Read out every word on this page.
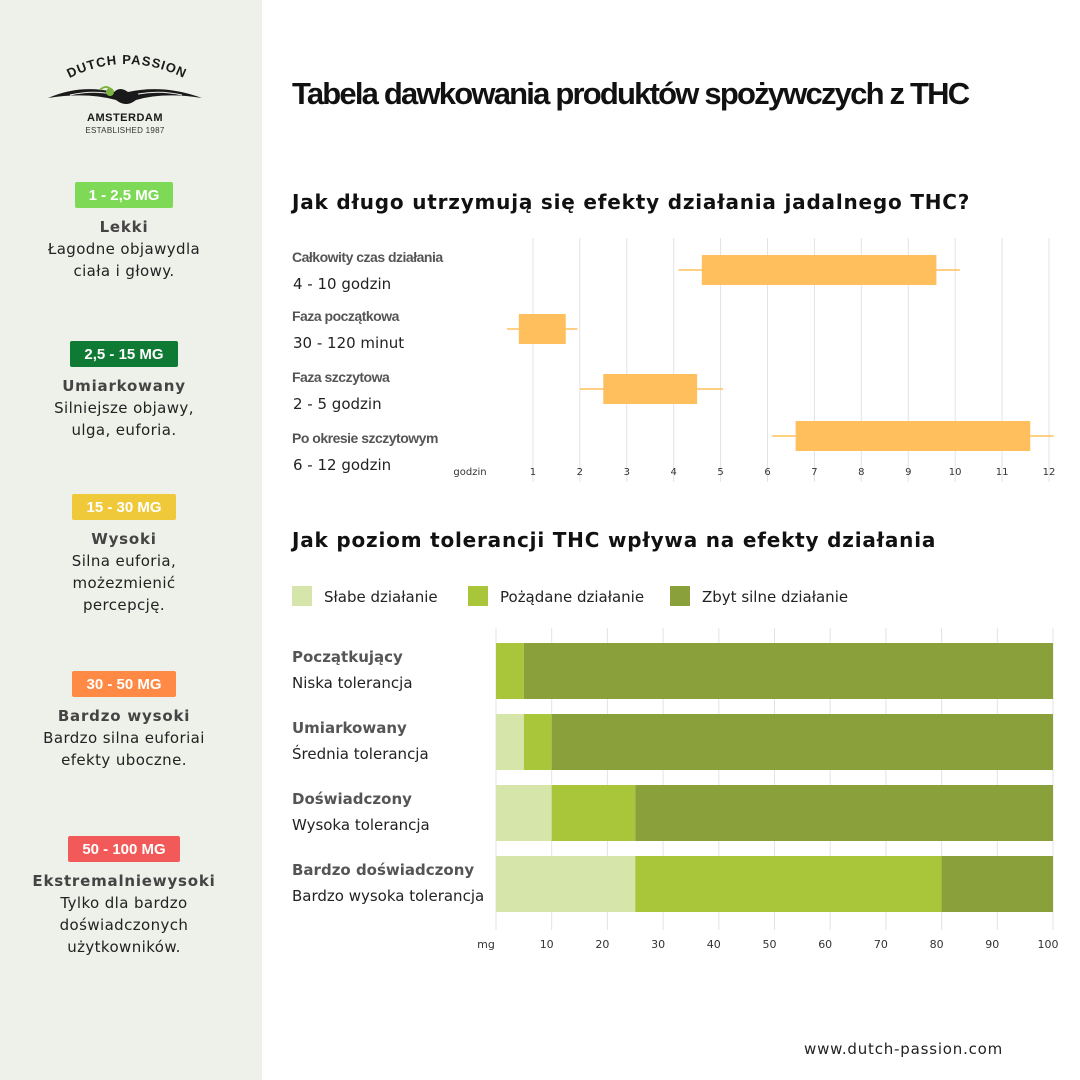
DUTCH PASSION
AMSTERDAM
ESTABLISHED 1987
1 - 2,5 MG
Lekki
Łagodne objawydla
ciała i głowy.
2,5 - 15 MG
Umiarkowany
Silniejsze objawy,
ulga, euforia.
15 - 30 MG
Wysoki
Silna euforia,
możezmienić
percepcję.
30 - 50 MG
Bardzo wysoki
Bardzo silna euforiai
efekty uboczne.
50 - 100 MG
Ekstremalniewysoki
Tylko dla bardzo
doświadczonych
użytkowników.
Tabela dawkowania produktów spożywczych z THC
Jak długo utrzymują się efekty działania jadalnego THC?
Jak poziom tolerancji THC wpływa na efekty działania
1	2	3	4	5	6	7	8	9	10	11	12
godzin
Całkowity czas działania
4 - 10 godzin
Faza początkowa
30 - 120 minut
Faza szczytowa
2 - 5 godzin
Po okresie szczytowym
6 - 12 godzin
Słabe działanie	Pożądane działanie	Zbyt silne działanie
10	20	30	40	50	60	70	80	90	100
mg
Początkujący
Niska tolerancja
Umiarkowany
Średnia tolerancja
Doświadczony
Wysoka tolerancja
Bardzo doświadczony
Bardzo wysoka tolerancja
www.dutch-passion.com
